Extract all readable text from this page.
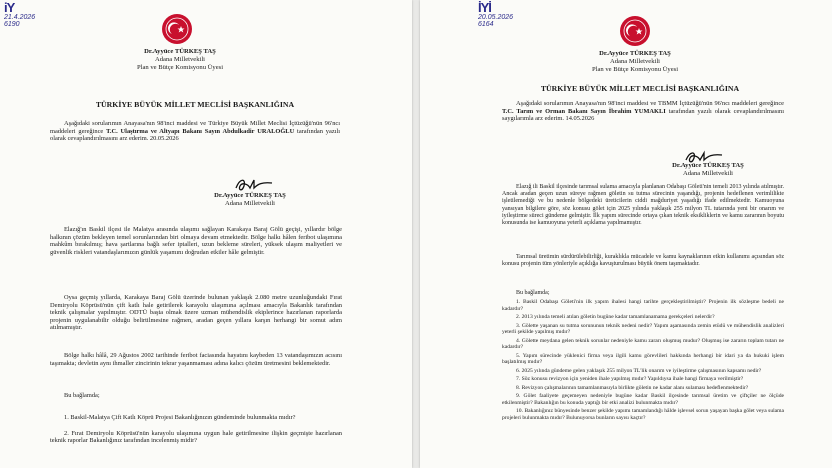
iY
21.4.2026
6190
Dr.Ayyüce TÜRKEŞ TAŞ
Adana Milletvekili
Plan ve Bütçe Komisyonu Üyesi
TÜRKİYE BÜYÜK MİLLET MECLİSİ BAŞKANLIĞINA
Aşağıdaki sorularımın Anayasa'nın 98'inci maddesi ve Türkiye Büyük Millet Meclisi İçtüzüğü'nün 96'ncı maddeleri gereğince T.C. Ulaştırma ve Altyapı Bakanı Sayın Abdulkadir URALOĞLU tarafından yazılı olarak cevaplandırılmasını arz ederim. 20.05.2026
Dr.Ayyüce TÜRKEŞ TAŞ
Adana Milletvekili
Elazığ'ın Baskil ilçesi ile Malatya arasında ulaşımı sağlayan Karakaya Baraj Gölü geçişi, yıllardır bölge halkının çözüm bekleyen temel sorunlarından biri olmaya devam etmektedir. Bölge halkı hâlen feribot ulaşımına mahkûm bırakılmış; hava şartlarına bağlı sefer iptalleri, uzun bekleme süreleri, yüksek ulaşım maliyetleri ve güvenlik riskleri vatandaşlarımızın günlük yaşamını doğrudan etkiler hâle gelmiştir.
Oysa geçmiş yıllarda, Karakaya Baraj Gölü üzerinde bulunan yaklaşık 2.080 metre uzunluğundaki Fırat Demiryolu Köprüsü'nün çift katlı hale getirilerek karayolu ulaşımına açılması amacıyla Bakanlık tarafından teknik çalışmalar yapılmıştır. ODTÜ başta olmak üzere uzman mühendislik ekiplerince hazırlanan raporlarda projenin uygulanabilir olduğu belirtilmesine rağmen, aradan geçen yıllara karşın herhangi bir somut adım atılmamıştır.
Bölge halkı hâlâ, 29 Ağustos 2002 tarihinde feribot faciasında hayatını kaybeden 13 vatandaşımızın acısını taşımakta; devletin aynı ihmaller zincirinin tekrar yaşanmaması adına kalıcı çözüm üretmesini beklemektedir.
Bu bağlamda;
1. Baskil-Malatya Çift Katlı Köprü Projesi Bakanlığınızın gündeminde bulunmakta mıdır?
2. Fırat Demiryolu Köprüsü'nün karayolu ulaşımına uygun hale getirilmesine ilişkin geçmişte hazırlanan teknik raporlar Bakanlığınız tarafından incelenmiş midir?
İYİ
20.05.2026
6164
Dr.Ayyüce TÜRKEŞ TAŞ
Adana Milletvekili
Plan ve Bütçe Komisyonu Üyesi
TÜRKİYE BÜYÜK MİLLET MECLİSİ BAŞKANLIĞINA
Aşağıdaki sorularımın Anayasa'nın 98'inci maddesi ve TBMM İçtüzüğü'nün 96'ncı maddeleri gereğince T.C. Tarım ve Orman Bakanı Sayın İbrahim YUMAKLI tarafından yazılı olarak cevaplandırılmasını saygılarımla arz ederim. 14.05.2026
Dr.Ayyüce TÜRKEŞ TAŞ
Adana Milletvekili
Elazığ ili Baskil ilçesinde tarımsal sulama amacıyla planlanan Odabaşı Göleti'nin temeli 2013 yılında atılmıştır. Ancak aradan geçen uzun süreye rağmen göletin su tutma sürecinin yaşandığı, projenin hedeflenen verimlilikte işletilemediği ve bu nedenle bölgedeki üreticilerin ciddi mağduriyet yaşadığı ifade edilmektedir. Kamuoyuna yansıyan bilgilere göre, söz konusu gölet için 2025 yılında yaklaşık 255 milyon TL tutarında yeni bir onarım ve iyileştirme süreci gündeme gelmiştir. İlk yapım sürecinde ortaya çıkan teknik eksikliklerin ve kamu zararının boyutu konusunda ise kamuoyuna yeterli açıklama yapılmamıştır.
Tarımsal üretimin sürdürülebilirliği, kuraklıkla mücadele ve kamu kaynaklarının etkin kullanımı açısından söz konusu projenin tüm yönleriyle açıklığa kavuşturulması büyük önem taşımaktadır.
Bu bağlamda;
1. Baskil Odabaşı Göleti'nin ilk yapım ihalesi hangi tarihte gerçekleştirilmiştir? Projenin ilk sözleşme bedeli ne kadardır?
2. 2013 yılında temeli atılan göletin bugüne kadar tamamlanamama gerekçeleri nelerdir?
3. Gölette yaşanan su tutma sorununun teknik nedeni nedir? Yapım aşamasında zemin etüdü ve mühendislik analizleri yeterli şekilde yapılmış mıdır?
4. Gölette meydana gelen teknik sorunlar nedeniyle kamu zararı oluşmuş mudur? Oluşmuş ise zararın toplam tutarı ne kadardır?
5. Yapım sürecinde yüklenici firma veya ilgili kamu görevlileri hakkında herhangi bir idari ya da hukuki işlem başlatılmış mıdır?
6. 2025 yılında gündeme gelen yaklaşık 255 milyon TL'lik onarım ve iyileştirme çalışmasının kapsamı nedir?
7. Söz konusu revizyon için yeniden ihale yapılmış mıdır? Yapıldıysa ihale hangi firmaya verilmiştir?
8. Revizyon çalışmalarının tamamlanmasıyla birlikte göletin ne kadar alanı sulaması hedeflenmektedir?
9. Gölet faaliyete geçemeyen nedeniyle bugüne kadar Baskil ilçesinde tarımsal üretim ve çiftçiler ne ölçüde etkilenmiştir? Bakanlığın bu konuda yaptığı bir etki analizi bulunmakta mıdır?
10. Bakanlığınız bünyesinde benzer şekilde yapımı tamamlandığı hâlde işlevsel sorun yaşayan başka gölet veya sulama projeleri bulunmakta mıdır? Bulunuyorsa bunların sayısı kaçtır?
